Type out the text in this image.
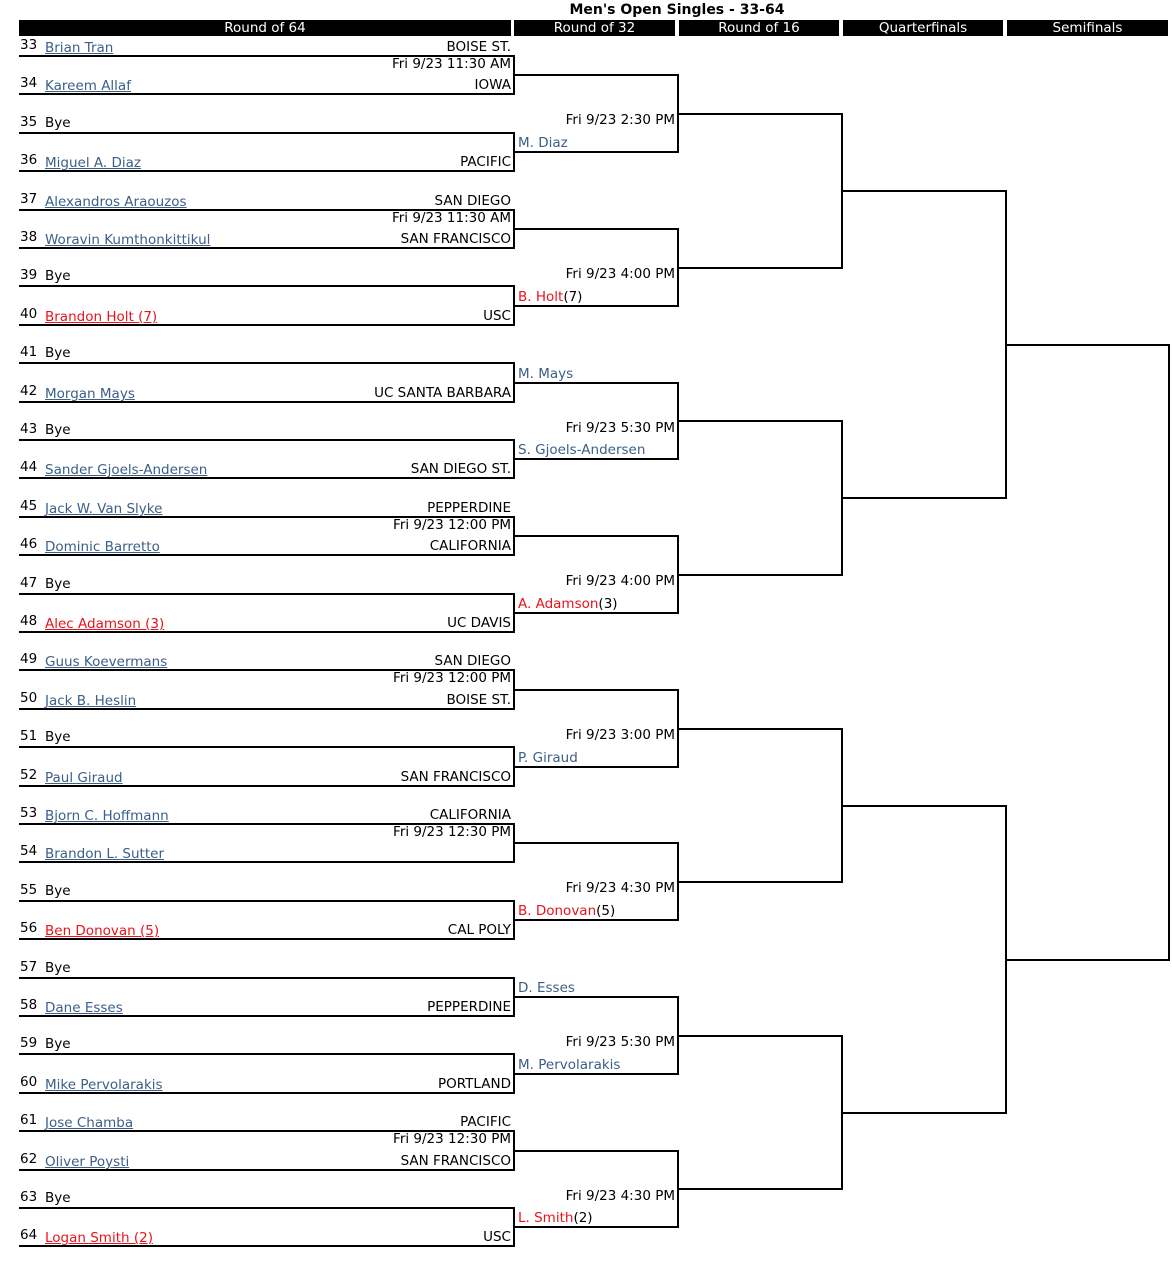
Men's Open Singles - 33-64
Round of 64	Round of 32	Round of 16	Quarterfinals	Semifinals
33 Brian Tran	BOISE ST.
34 Kareem Allaf	IOWA
35 Bye
36 Miguel A. Diaz	PACIFIC
37 Alexandros Araouzos	SAN DIEGO
38 Woravin Kumthonkittikul	SAN FRANCISCO
39 Bye
40 Brandon Holt (7)	USC
41 Bye
42 Morgan Mays	UC SANTA BARBARA
43 Bye
44 Sander Gjoels-Andersen	SAN DIEGO ST.
45 Jack W. Van Slyke	PEPPERDINE
46 Dominic Barretto	CALIFORNIA
47 Bye
48 Alec Adamson (3)	UC DAVIS
49 Guus Koevermans	SAN DIEGO
50 Jack B. Heslin	BOISE ST.
51 Bye
52 Paul Giraud	SAN FRANCISCO
53 Bjorn C. Hoffmann	CALIFORNIA
54 Brandon L. Sutter
55 Bye
56 Ben Donovan (5)	CAL POLY
57 Bye
58 Dane Esses	PEPPERDINE
59 Bye
60 Mike Pervolarakis	PORTLAND
61 Jose Chamba	PACIFIC
62 Oliver Poysti	SAN FRANCISCO
63 Bye
64 Logan Smith (2)	USC
Fri 9/23 11:30 AM
Fri 9/23 11:30 AM
Fri 9/23 12:00 PM
Fri 9/23 12:00 PM
Fri 9/23 12:30 PM
Fri 9/23 12:30 PM
M. Diaz
B. Holt(7)
M. Mays
S. Gjoels-Andersen
A. Adamson(3)
P. Giraud
B. Donovan(5)
D. Esses
M. Pervolarakis
L. Smith(2)
Fri 9/23 2:30 PM
Fri 9/23 4:00 PM
Fri 9/23 5:30 PM
Fri 9/23 4:00 PM
Fri 9/23 3:00 PM
Fri 9/23 4:30 PM
Fri 9/23 5:30 PM
Fri 9/23 4:30 PM
